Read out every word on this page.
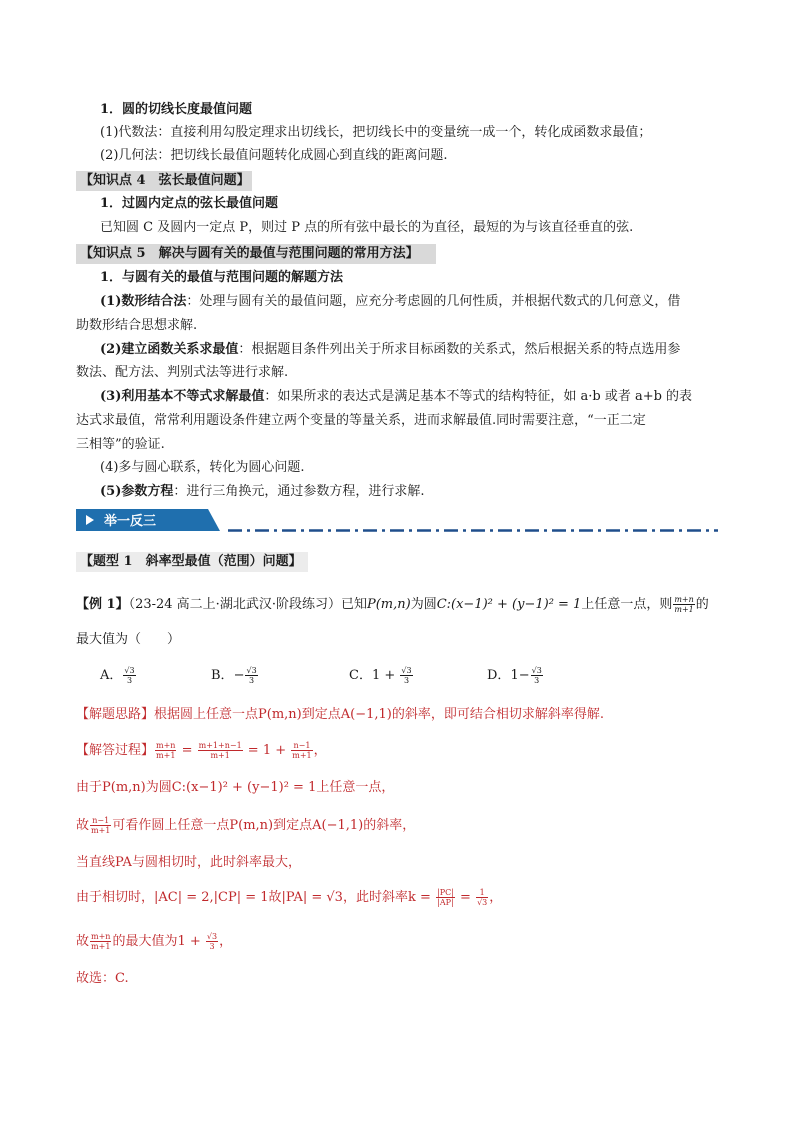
1．圆的切线长度最值问题
(1)代数法：直接利用勾股定理求出切线长，把切线长中的变量统一成一个，转化成函数求最值；
(2)几何法：把切线长最值问题转化成圆心到直线的距离问题.
【知识点 4　弦长最值问题】
1．过圆内定点的弦长最值问题
已知圆 C 及圆内一定点 P，则过 P 点的所有弦中最长的为直径，最短的为与该直径垂直的弦.
【知识点 5　解决与圆有关的最值与范围问题的常用方法】
1．与圆有关的最值与范围问题的解题方法
(1)数形结合法：处理与圆有关的最值问题，应充分考虑圆的几何性质，并根据代数式的几何意义，借
助数形结合思想求解.
(2)建立函数关系求最值：根据题目条件列出关于所求目标函数的关系式，然后根据关系的特点选用参
数法、配方法、判别式法等进行求解.
(3)利用基本不等式求解最值：如果所求的表达式是满足基本不等式的结构特征，如 a·b 或者 a+b 的表
达式求最值，常常利用题设条件建立两个变量的等量关系，进而求解最值.同时需要注意，“一正二定
三相等”的验证.
(4)多与圆心联系，转化为圆心问题.
(5)参数方程：进行三角换元，通过参数方程，进行求解.
举一反三
【题型 1　斜率型最值（范围）问题】
【例 1】（23-24 高二上·湖北武汉·阶段练习）已知P(m,n)为圆C:(x−1)² + (y−1)² = 1上任意一点，则 $\frac{m+n}{m+1}$ 的
最大值为（　　）
A． $\frac{√3}{3}$	B．− $\frac{√3}{3}$	C．$1 + \frac{√3}{3}$	D．$1- \frac{√3}{3}$
【解题思路】根据圆上任意一点P(m,n)到定点A(−1,1)的斜率，即可结合相切求解斜率得解.
【解答过程】 $\frac{m+n}{m+1} = \frac{m+1+n-1}{m+1} = 1 + \frac{n-1}{m+1}$ ，
由于P(m,n)为圆C:(x−1)² + (y−1)² = 1上任意一点，
故 $\frac{n-1}{m+1}$ 可看作圆上任意一点P(m,n)到定点A(−1,1)的斜率，
当直线PA与圆相切时，此时斜率最大，
由于相切时，|AC| = 2,|CP| = 1故|PA| = √3，此时斜率$k = \frac{|PC|}{|AP|} = \frac{1}{√3}$ ，
故 $\frac{m+n}{m+1}$ 的最大值为$1 + \frac{√3}{3}$ ，
故选：C.
